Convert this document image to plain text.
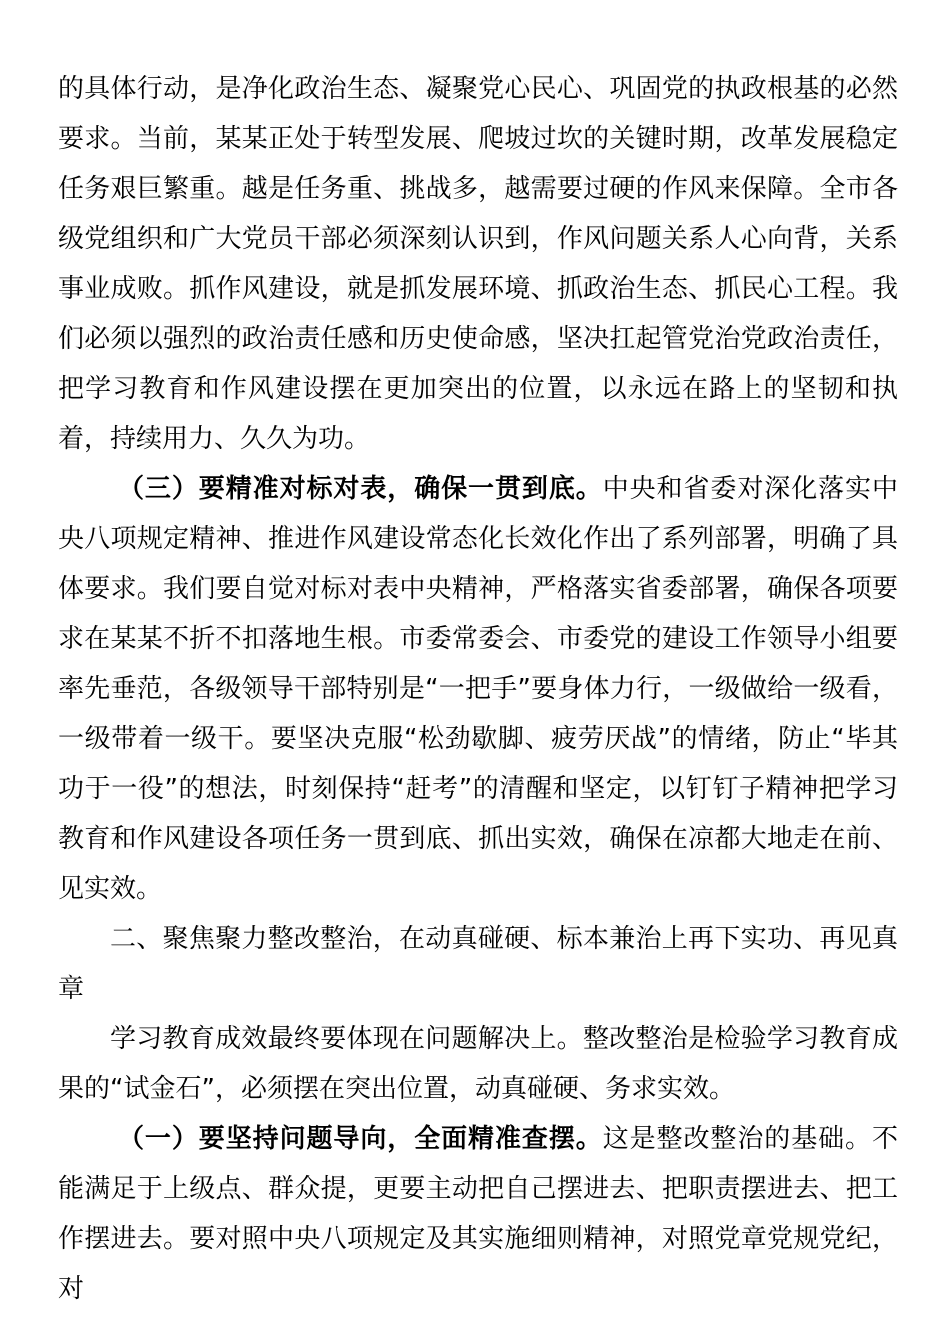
的具体行动，是净化政治生态、凝聚党心民心、巩固党的执政根基的必然要求。当前，某某正处于转型发展、爬坡过坎的关键时期，改革发展稳定任务艰巨繁重。越是任务重、挑战多，越需要过硬的作风来保障。全市各级党组织和广大党员干部必须深刻认识到，作风问题关系人心向背，关系事业成败。抓作风建设，就是抓发展环境、抓政治生态、抓民心工程。我们必须以强烈的政治责任感和历史使命感，坚决扛起管党治党政治责任，把学习教育和作风建设摆在更加突出的位置，以永远在路上的坚韧和执着，持续用力、久久为功。

（三）要精准对标对表，确保一贯到底。中央和省委对深化落实中央八项规定精神、推进作风建设常态化长效化作出了系列部署，明确了具体要求。我们要自觉对标对表中央精神，严格落实省委部署，确保各项要求在某某不折不扣落地生根。市委常委会、市委党的建设工作领导小组要率先垂范，各级领导干部特别是“一把手”要身体力行，一级做给一级看，一级带着一级干。要坚决克服“松劲歇脚、疲劳厌战”的情绪，防止“毕其功于一役”的想法，时刻保持“赶考”的清醒和坚定，以钉钉子精神把学习教育和作风建设各项任务一贯到底、抓出实效，确保在凉都大地走在前、见实效。

二、聚焦聚力整改整治，在动真碰硬、标本兼治上再下实功、再见真章

学习教育成效最终要体现在问题解决上。整改整治是检验学习教育成果的“试金石”，必须摆在突出位置，动真碰硬、务求实效。

（一）要坚持问题导向，全面精准查摆。这是整改整治的基础。不能满足于上级点、群众提，更要主动把自己摆进去、把职责摆进去、把工作摆进去。要对照中央八项规定及其实施细则精神，对照党章党规党纪，对
